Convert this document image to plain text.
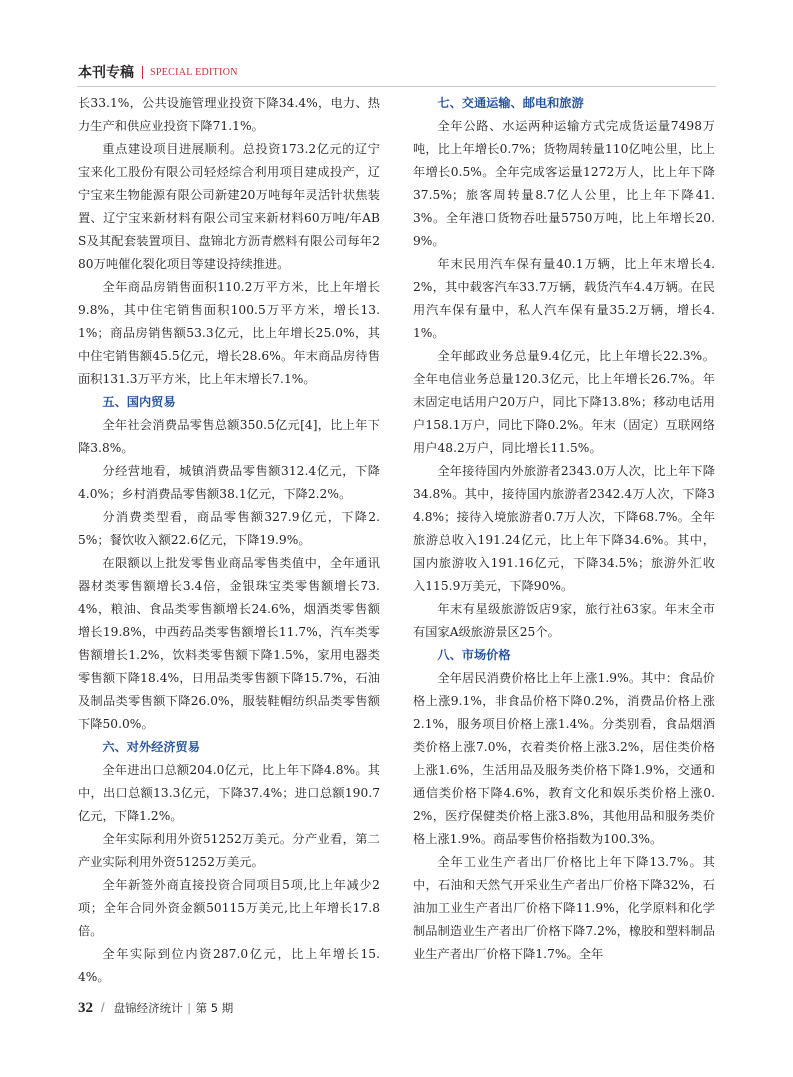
本刊专稿 SPECIAL EDITION

长33.1%，公共设施管理业投资下降34.4%，电力、热力生产和供应业投资下降71.1%。

重点建设项目进展顺利。总投资173.2亿元的辽宁宝来化工股份有限公司轻烃综合利用项目建成投产，辽宁宝来生物能源有限公司新建20万吨每年灵活针状焦装置、辽宁宝来新材料有限公司宝来新材料60万吨/年ABS及其配套装置项目、盘锦北方沥青燃料有限公司每年280万吨催化裂化项目等建设持续推进。

全年商品房销售面积110.2万平方米，比上年增长9.8%，其中住宅销售面积100.5万平方米，增长13.1%；商品房销售额53.3亿元，比上年增长25.0%，其中住宅销售额45.5亿元，增长28.6%。年末商品房待售面积131.3万平方米，比上年末增长7.1%。

五、国内贸易

全年社会消费品零售总额350.5亿元[4]，比上年下降3.8%。

分经营地看，城镇消费品零售额312.4亿元，下降4.0%；乡村消费品零售额38.1亿元，下降2.2%。

分消费类型看，商品零售额327.9亿元，下降2.5%；餐饮收入额22.6亿元，下降19.9%。

在限额以上批发零售业商品零售类值中，全年通讯器材类零售额增长3.4倍，金银珠宝类零售额增长73.4%，粮油、食品类零售额增长24.6%，烟酒类零售额增长19.8%，中西药品类零售额增长11.7%，汽车类零售额增长1.2%，饮料类零售额下降1.5%，家用电器类零售额下降18.4%，日用品类零售额下降15.7%，石油及制品类零售额下降26.0%，服装鞋帽纺织品类零售额下降50.0%。

六、对外经济贸易

全年进出口总额204.0亿元，比上年下降4.8%。其中，出口总额13.3亿元，下降37.4%；进口总额190.7亿元，下降1.2%。

全年实际利用外资51252万美元。分产业看，第二产业实际利用外资51252万美元。

全年新签外商直接投资合同项目5项,比上年减少2项；全年合同外资金额50115万美元,比上年增长17.8倍。

全年实际到位内资287.0亿元，比上年增长15.4%。

七、交通运输、邮电和旅游

全年公路、水运两种运输方式完成货运量7498万吨，比上年增长0.7%；货物周转量110亿吨公里，比上年增长0.5%。全年完成客运量1272万人，比上年下降37.5%；旅客周转量8.7亿人公里，比上年下降41.3%。全年港口货物吞吐量5750万吨，比上年增长20.9%。

年末民用汽车保有量40.1万辆，比上年末增长4.2%，其中载客汽车33.7万辆，载货汽车4.4万辆。在民用汽车保有量中，私人汽车保有量35.2万辆，增长4.1%。

全年邮政业务总量9.4亿元，比上年增长22.3%。全年电信业务总量120.3亿元，比上年增长26.7%。年末固定电话用户20万户，同比下降13.8%；移动电话用户158.1万户，同比下降0.2%。年末（固定）互联网络用户48.2万户，同比增长11.5%。

全年接待国内外旅游者2343.0万人次，比上年下降34.8%。其中，接待国内旅游者2342.4万人次，下降34.8%；接待入境旅游者0.7万人次，下降68.7%。全年旅游总收入191.24亿元，比上年下降34.6%。其中，国内旅游收入191.16亿元，下降34.5%；旅游外汇收入115.9万美元，下降90%。

年末有星级旅游饭店9家，旅行社63家。年末全市有国家A级旅游景区25个。

八、市场价格

全年居民消费价格比上年上涨1.9%。其中：食品价格上涨9.1%，非食品价格下降0.2%，消费品价格上涨2.1%，服务项目价格上涨1.4%。分类别看，食品烟酒类价格上涨7.0%，衣着类价格上涨3.2%，居住类价格上涨1.6%，生活用品及服务类价格下降1.9%，交通和通信类价格下降4.6%，教育文化和娱乐类价格上涨0.2%，医疗保健类价格上涨3.8%，其他用品和服务类价格上涨1.9%。商品零售价格指数为100.3%。

全年工业生产者出厂价格比上年下降13.7%。其中，石油和天然气开采业生产者出厂价格下降32%，石油加工业生产者出厂价格下降11.9%，化学原料和化学制品制造业生产者出厂价格下降7.2%，橡胶和塑料制品业生产者出厂价格下降1.7%。全年

32 / 盘锦经济统计 | 第 5 期
